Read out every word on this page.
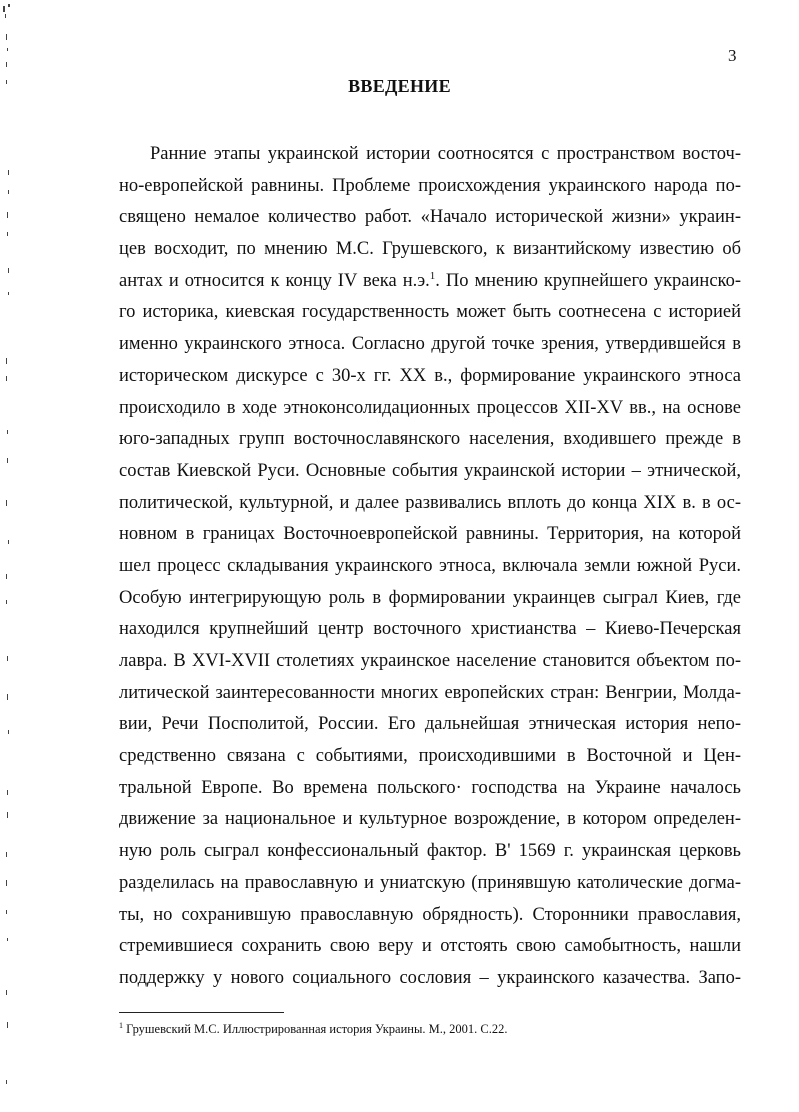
3
ВВЕДЕНИЕ
Ранние этапы украинской истории соотносятся с пространством восточ-
но-европейской равнины. Проблеме происхождения украинского народа по-
священо немалое количество работ. «Начало исторической жизни» украин-
цев восходит, по мнению М.С. Грушевского, к византийскому известию об
антах и относится к концу IV века н.э.$^1$. По мнению крупнейшего украинско-
го историка, киевская государственность может быть соотнесена с историей
именно украинского этноса. Согласно другой точке зрения, утвердившейся в
историческом дискурсе с 30-х гг. XX в., формирование украинского этноса
происходило в ходе этноконсолидационных процессов XII-XV вв., на основе
юго-западных групп восточнославянского населения, входившего прежде в
состав Киевской Руси. Основные события украинской истории – этнической,
политической, культурной, и далее развивались вплоть до конца XIX в. в ос-
новном в границах Восточноевропейской равнины. Территория, на которой
шел процесс складывания украинского этноса, включала земли южной Руси.
Особую интегрирующую роль в формировании украинцев сыграл Киев, где
находился крупнейший центр восточного христианства – Киево-Печерская
лавра. В XVI-XVII столетиях украинское население становится объектом по-
литической заинтересованности многих европейских стран: Венгрии, Молда-
вии, Речи Посполитой, России. Его дальнейшая этническая история непо-
средственно связана с событиями, происходившими в Восточной и Цен-
тральной Европе. Во времена польского· господства на Украине началось
движение за национальное и культурное возрождение, в котором определен-
ную роль сыграл конфессиональный фактор. В' 1569 г. украинская церковь
разделилась на православную и униатскую (принявшую католические догма-
ты, но сохранившую православную обрядность). Сторонники православия,
стремившиеся сохранить свою веру и отстоять свою самобытность, нашли
поддержку у нового социального сословия – украинского казачества. Запо-
$^1$ Грушевский М.С. Иллюстрированная история Украины. М., 2001. С.22.
